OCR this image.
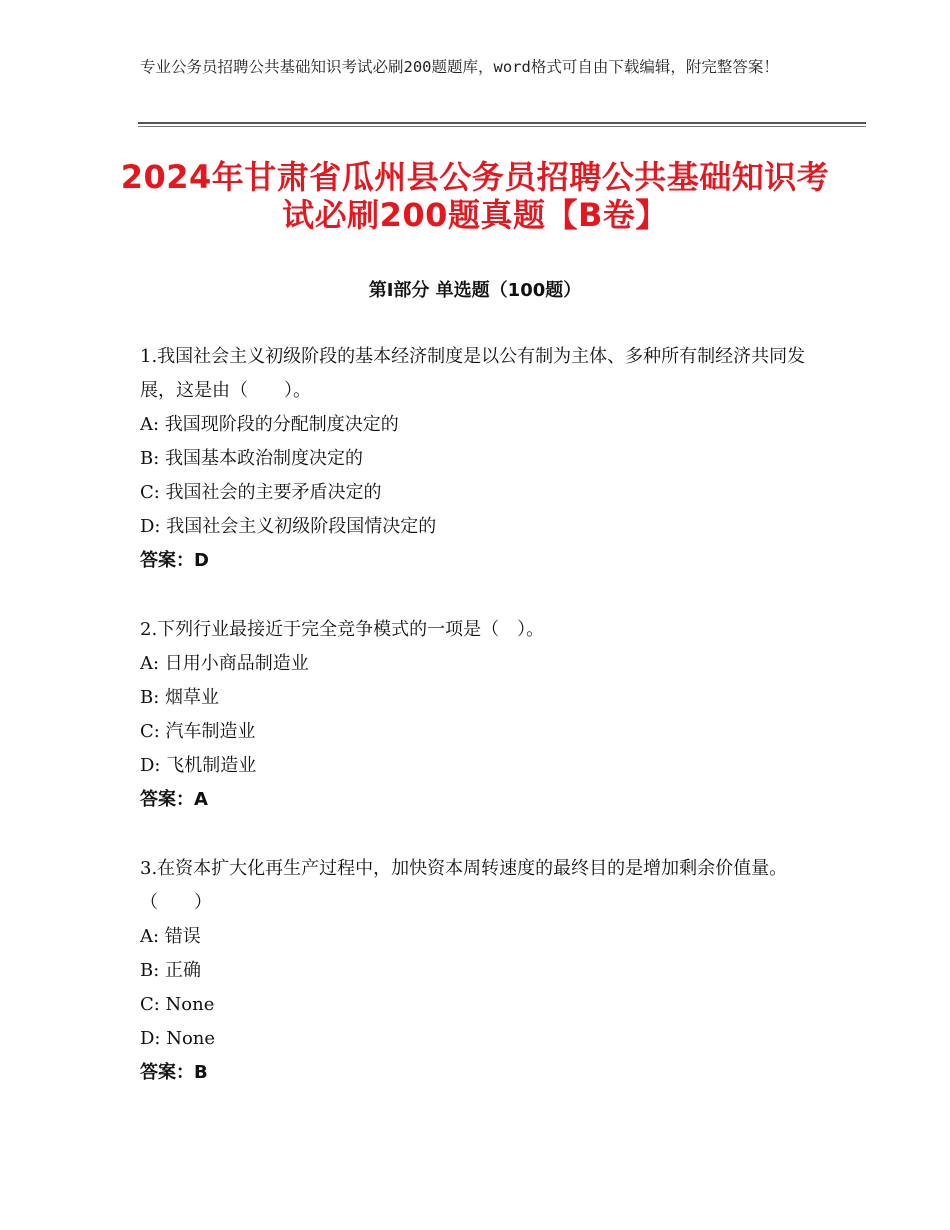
专业公务员招聘公共基础知识考试必刷200题题库，word格式可自由下载编辑，附完整答案！
2024年甘肃省瓜州县公务员招聘公共基础知识考试必刷200题真题【B卷】
第I部分 单选题（100题）

1.我国社会主义初级阶段的基本经济制度是以公有制为主体、多种所有制经济共同发展，这是由（　　）。

A: 我国现阶段的分配制度决定的

B: 我国基本政治制度决定的

C: 我国社会的主要矛盾决定的

D: 我国社会主义初级阶段国情决定的

答案：D

2.下列行业最接近于完全竞争模式的一项是（　）。

A: 日用小商品制造业

B: 烟草业

C: 汽车制造业

D: 飞机制造业

答案：A

3.在资本扩大化再生产过程中，加快资本周转速度的最终目的是增加剩余价值量。（　　）

A: 错误

B: 正确

C: None

D: None

答案：B
